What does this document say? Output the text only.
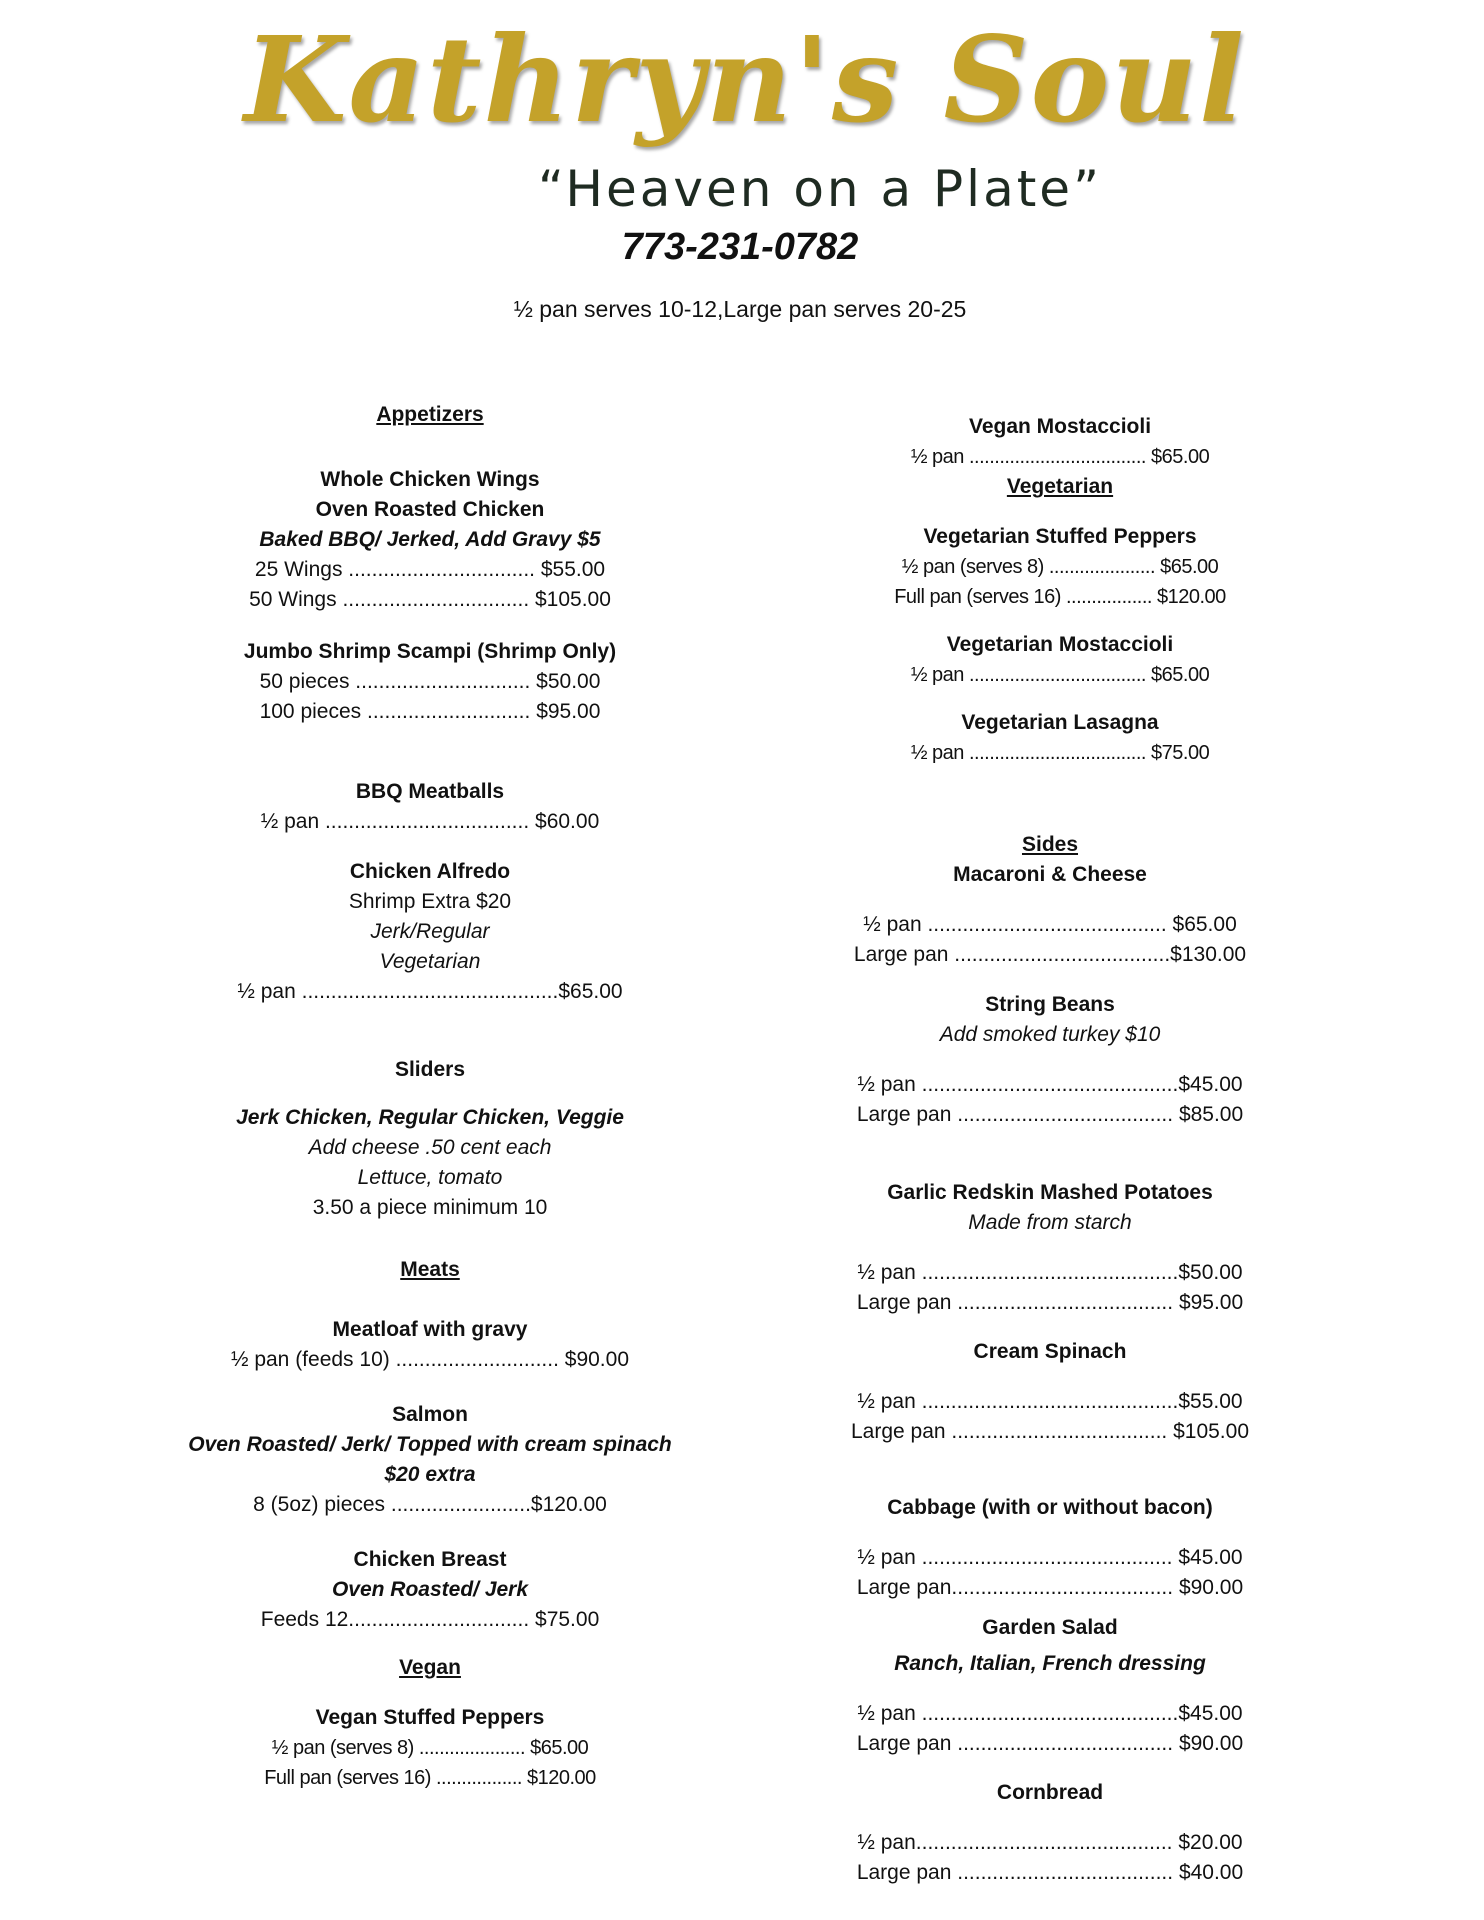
Kathryn's Soul
“Heaven on a Plate”
773-231-0782
½ pan serves 10-12,Large pan serves 20-25
Appetizers
Whole Chicken Wings
Oven Roasted Chicken
Baked BBQ/ Jerked, Add Gravy $5
25 Wings ................................ $55.00
50 Wings ................................ $105.00
Jumbo Shrimp Scampi (Shrimp Only)
50 pieces .............................. $50.00
100 pieces ............................ $95.00
BBQ Meatballs
½ pan ................................... $60.00
Chicken Alfredo
Shrimp Extra $20
Jerk/Regular
Vegetarian
½ pan ............................................$65.00
Sliders
Jerk Chicken, Regular Chicken, Veggie
Add cheese .50 cent each
Lettuce, tomato
3.50 a piece minimum 10
Meats
Meatloaf with gravy
½ pan (feeds 10) ............................ $90.00
Salmon
Oven Roasted/ Jerk/ Topped with cream spinach
$20 extra
8 (5oz) pieces ........................$120.00
Chicken Breast
Oven Roasted/ Jerk
Feeds 12............................... $75.00
Vegan
Vegan Stuffed Peppers
½ pan (serves 8) ..................... $65.00
Full pan (serves 16) ................. $120.00
Vegan Mostaccioli
½ pan ................................... $65.00
Vegetarian
Vegetarian Stuffed Peppers
½ pan (serves 8) ..................... $65.00
Full pan (serves 16) ................. $120.00
Vegetarian Mostaccioli
½ pan ................................... $65.00
Vegetarian Lasagna
½ pan ................................... $75.00
Sides
Macaroni & Cheese
½ pan ......................................... $65.00
Large pan .....................................$130.00
String Beans
Add smoked turkey $10
½ pan ............................................$45.00
Large pan ..................................... $85.00
Garlic Redskin Mashed Potatoes
Made from starch
½ pan ............................................$50.00
Large pan ..................................... $95.00
Cream Spinach
½ pan ............................................$55.00
Large pan ..................................... $105.00
Cabbage (with or without bacon)
½ pan ........................................... $45.00
Large pan...................................... $90.00
Garden Salad
Ranch, Italian, French dressing
½ pan ............................................$45.00
Large pan ..................................... $90.00
Cornbread
½ pan............................................ $20.00
Large pan ..................................... $40.00
